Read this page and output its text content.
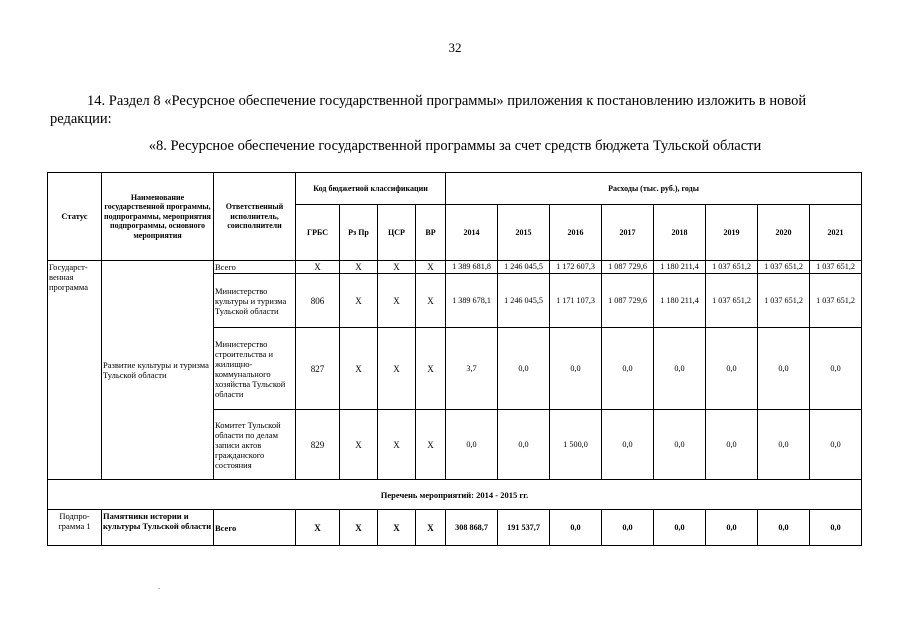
32
14. Раздел 8 «Ресурсное обеспечение государственной программы» приложения к постановлению изложить в новой редакции:
«8. Ресурсное обеспечение государственной программы за счет средств бюджета Тульской области
Статус	Наименование государственной программы, подпрограммы, мероприятия подпрограммы, основного мероприятия	Ответственный исполнитель, соисполнители	Код бюджетной классификации				Расходы (тыс. руб.), годы							
			ГРБС	Рз Пр	ЦСР	ВР	2014	2015	2016	2017	2018	2019	2020	2021
Государст-венная программа	Развитие культуры и туризма Тульской области	Всего	X	X	X	X	1 389 681,8	1 246 045,5	1 172 607,3	1 087 729,6	1 180 211,4	1 037 651,2	1 037 651,2	1 037 651,2
		Министерство культуры и туризма Тульской области	806	X	X	X	1 389 678,1	1 246 045,5	1 171 107,3	1 087 729,6	1 180 211,4	1 037 651,2	1 037 651,2	1 037 651,2
		Министерство строительства и жилищно-коммунального хозяйства Тульской области	827	X	X	X	3,7	0,0	0,0	0,0	0,0	0,0	0,0	0,0
		Комитет Тульской области по делам записи актов гражданского состояния	829	X	X	X	0,0	0,0	1 500,0	0,0	0,0	0,0	0,0	0,0
Перечень мероприятий: 2014 - 2015 гг.														
Подпро-грамма 1	Памятники истории и культуры Тульской области	Всего	X	X	X	X	308 868,7	191 537,7	0,0	0,0	0,0	0,0	0,0	0,0
.
